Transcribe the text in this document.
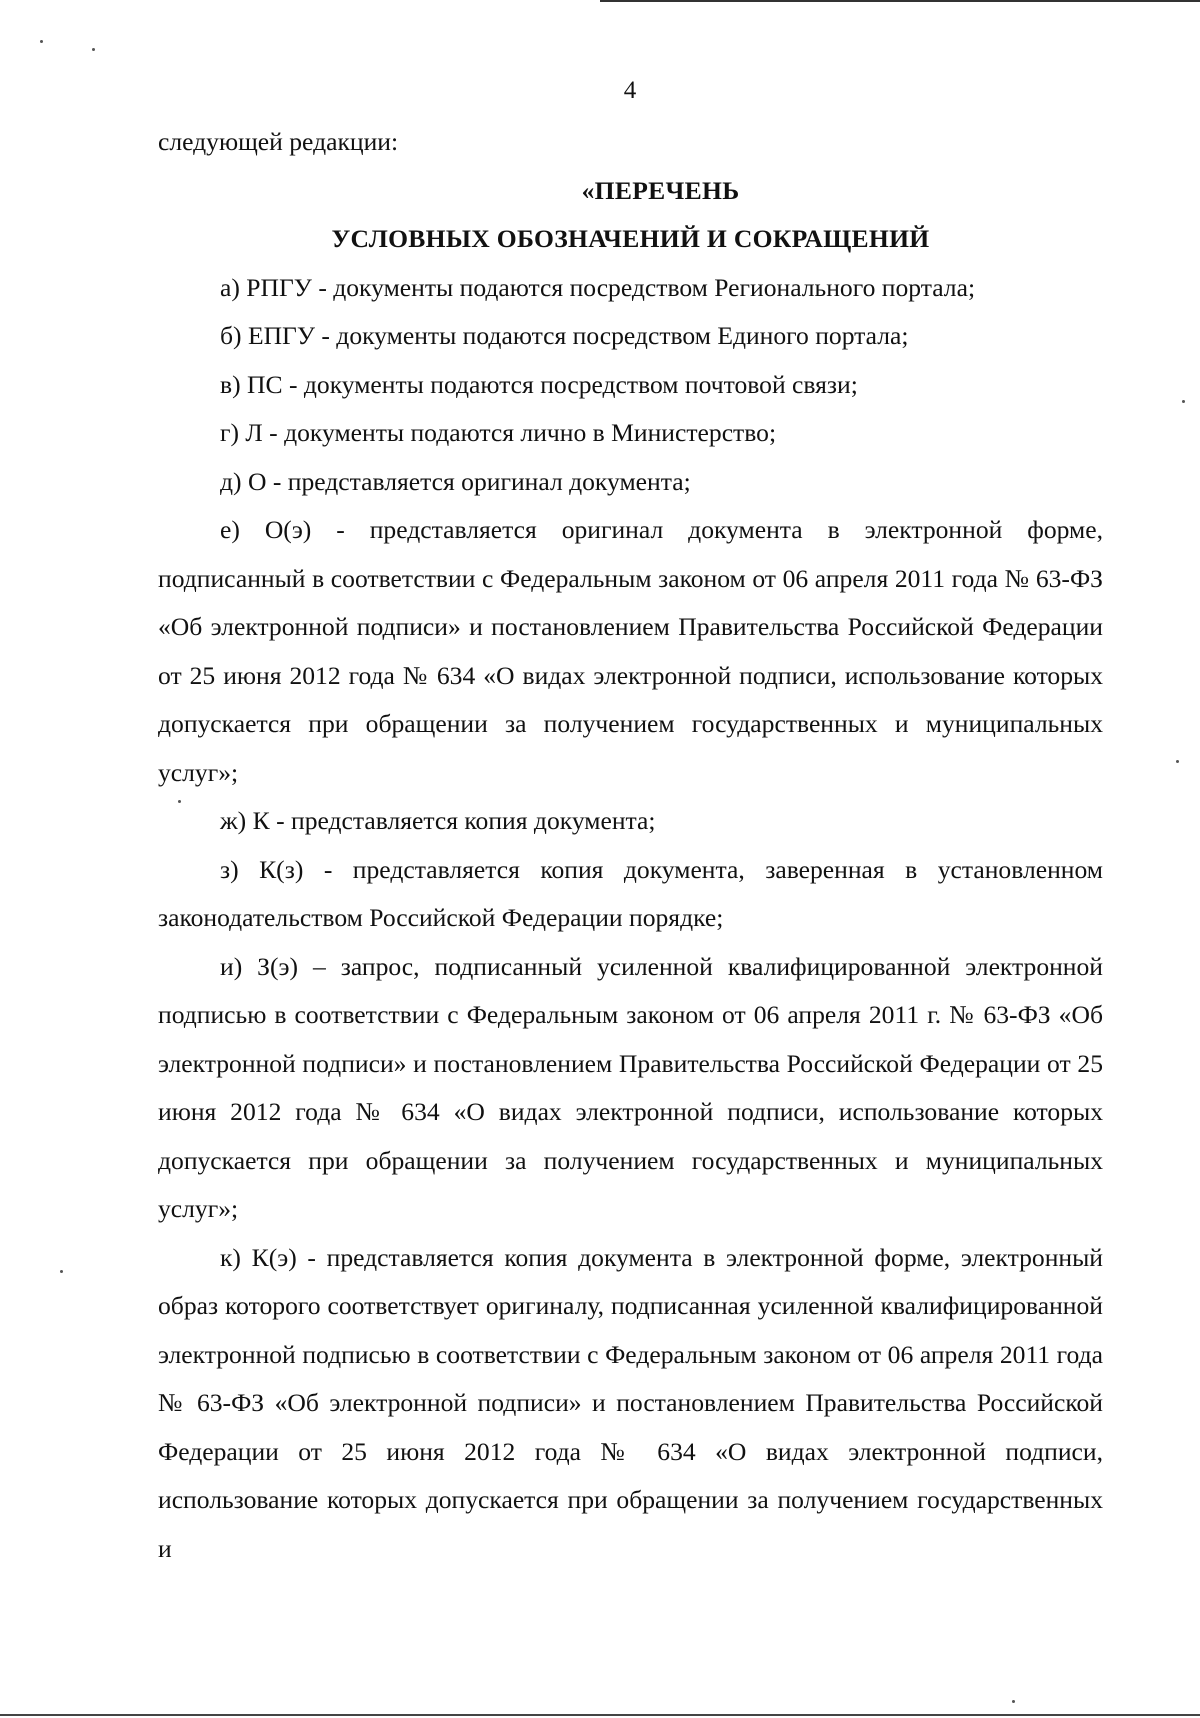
4

следующей редакции:

«ПЕРЕЧЕНЬ

УСЛОВНЫХ ОБОЗНАЧЕНИЙ И СОКРАЩЕНИЙ

а) РПГУ - документы подаются посредством Регионального портала;

б) ЕПГУ - документы подаются посредством Единого портала;

в) ПС - документы подаются посредством почтовой связи;

г) Л - документы подаются лично в Министерство;

д) О - представляется оригинал документа;

е) О(э) - представляется оригинал документа в электронной форме, подписанный в соответствии с Федеральным законом от 06 апреля 2011 года № 63-ФЗ «Об электронной подписи» и постановлением Правительства Российской Федерации от 25 июня 2012 года № 634 «О видах электронной подписи, использование которых допускается при обращении за получением государственных и муниципальных услуг»;

ж) К - представляется копия документа;

з) К(з) - представляется копия документа, заверенная в установленном законодательством Российской Федерации порядке;

и) З(э) – запрос, подписанный усиленной квалифицированной электронной подписью в соответствии с Федеральным законом от 06 апреля 2011 г. № 63-ФЗ «Об электронной подписи» и постановлением Правительства Российской Федерации от 25 июня 2012 года № 634 «О видах электронной подписи, использование которых допускается при обращении за получением государственных и муниципальных услуг»;

к) К(э) - представляется копия документа в электронной форме, электронный образ которого соответствует оригиналу, подписанная усиленной квалифицированной электронной подписью в соответствии с Федеральным законом от 06 апреля 2011 года № 63-ФЗ «Об электронной подписи» и постановлением Правительства Российской Федерации от 25 июня 2012 года № 634 «О видах электронной подписи, использование которых допускается при обращении за получением государственных и
